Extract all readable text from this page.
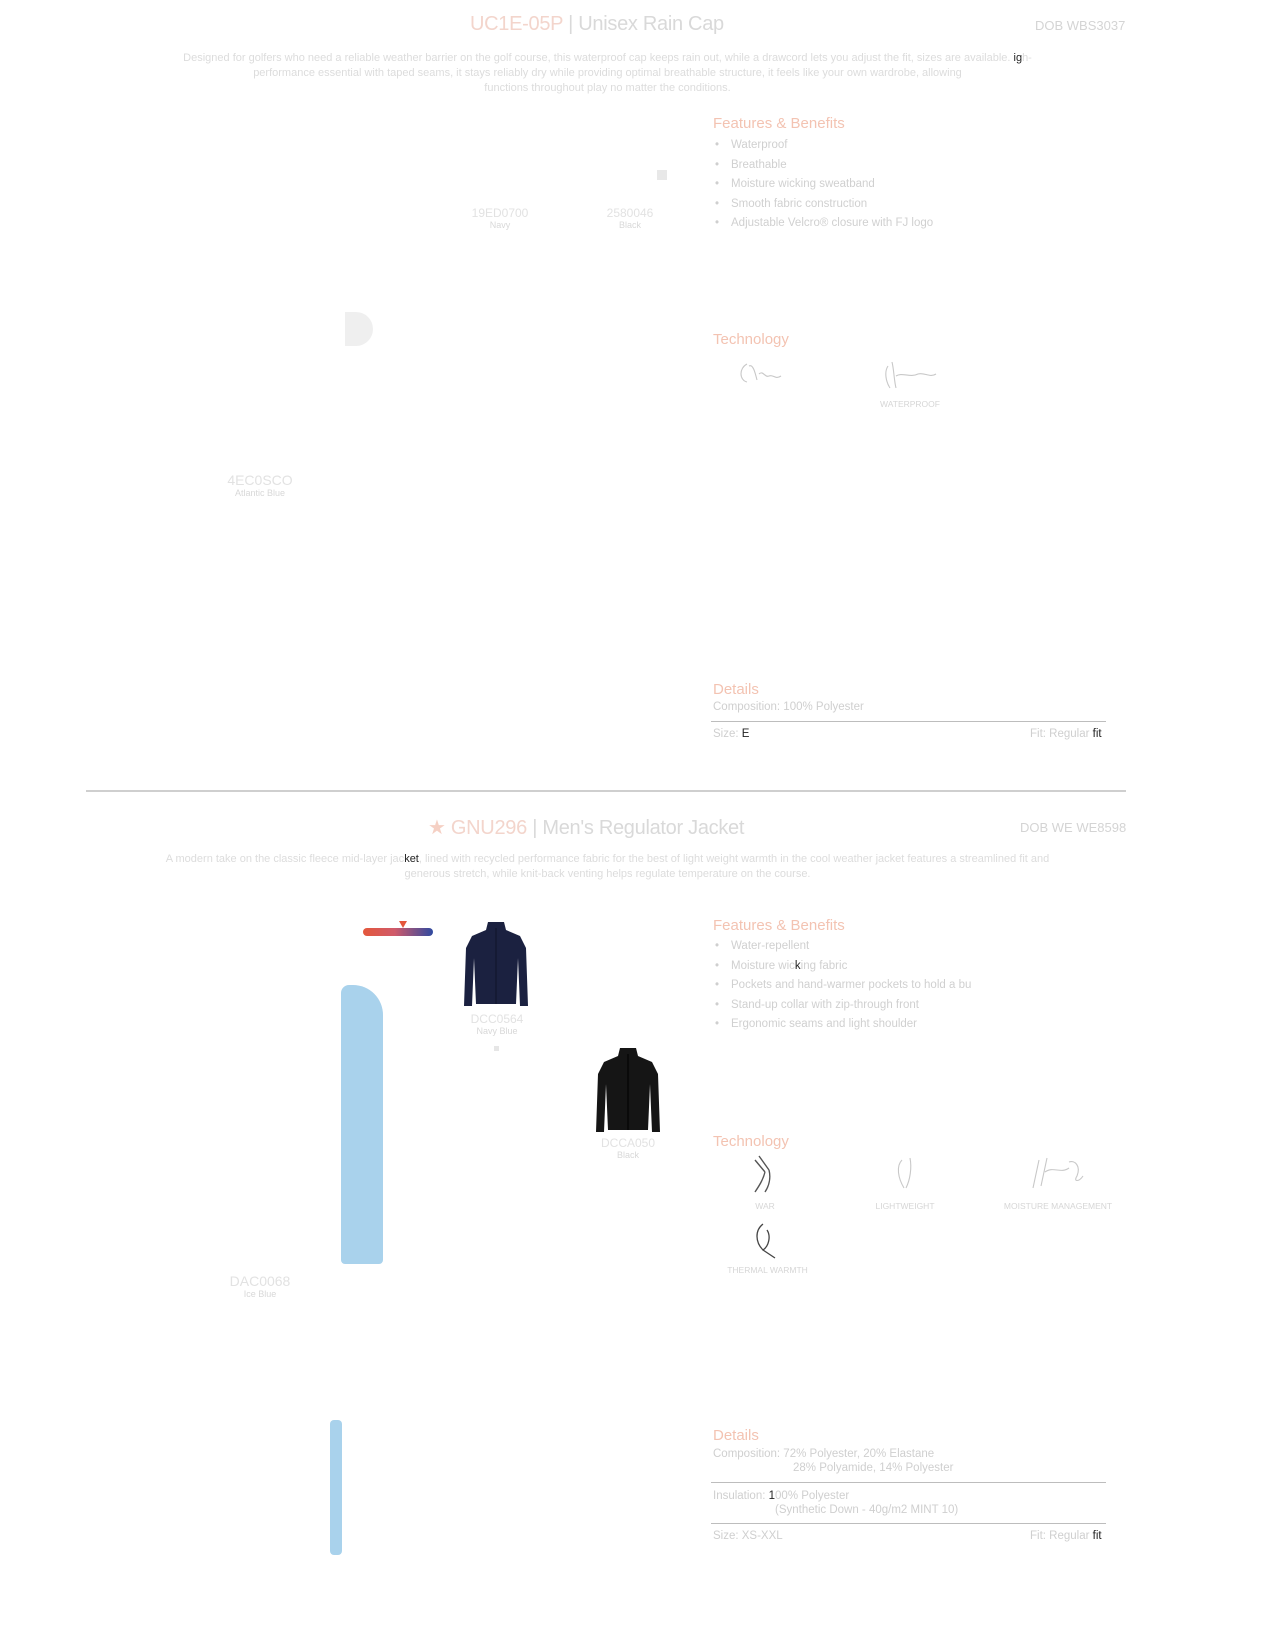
UC1E-05P | Unisex Rain Cap	DOB WBS3037
Designed for golfers who need a reliable weather barrier on the golf course, this waterproof cap keeps rain out, while a drawcord lets you adjust the fit, sizes are available. igh-performance essential with taped seams, it stays reliably dry while providing optimal breathable structure, it feels like your own wardrobe, allowing
functions throughout play no matter the conditions.
19ED0700
Navy
2580046
Black
4EC0SCO
Atlantic Blue
Features & Benefits
• Waterproof
• Breathable
• Moisture wicking sweatband
• Smooth fabric construction
• Adjustable Velcro® closure with FJ logo
Technology
WATERPROOF
Details
Composition: 100% Polyester
Size: E	Fit: Regular fit
★ GNU296 | Men's Regulator Jacket	DOB WE WE8598
A modern take on the classic fleece mid-layer jacket, lined with recycled performance fabric for the best of light weight warmth in the cool weather jacket features a streamlined fit and
generous stretch, while knit-back venting helps regulate temperature on the course.
DCC0564
Navy Blue
DCCA050
Black
DAC0068
Ice Blue
Features & Benefits
• Water-repellent
• Moisture wicking fabric
• Pockets and hand-warmer pockets to hold a bu
• Stand-up collar with zip-through front
• Ergonomic seams and light shoulder
Technology
WAR	LIGHTWEIGHT	MOISTURE MANAGEMENT
THERMAL WARMTH
Details
Composition: 72% Polyester, 20% Elastane
28% Polyamide, 14% Polyester
Insulation: 100% Polyester
(Synthetic Down - 40g/m2 MINT 10)
Size: XS-XXL	Fit: Regular fit
